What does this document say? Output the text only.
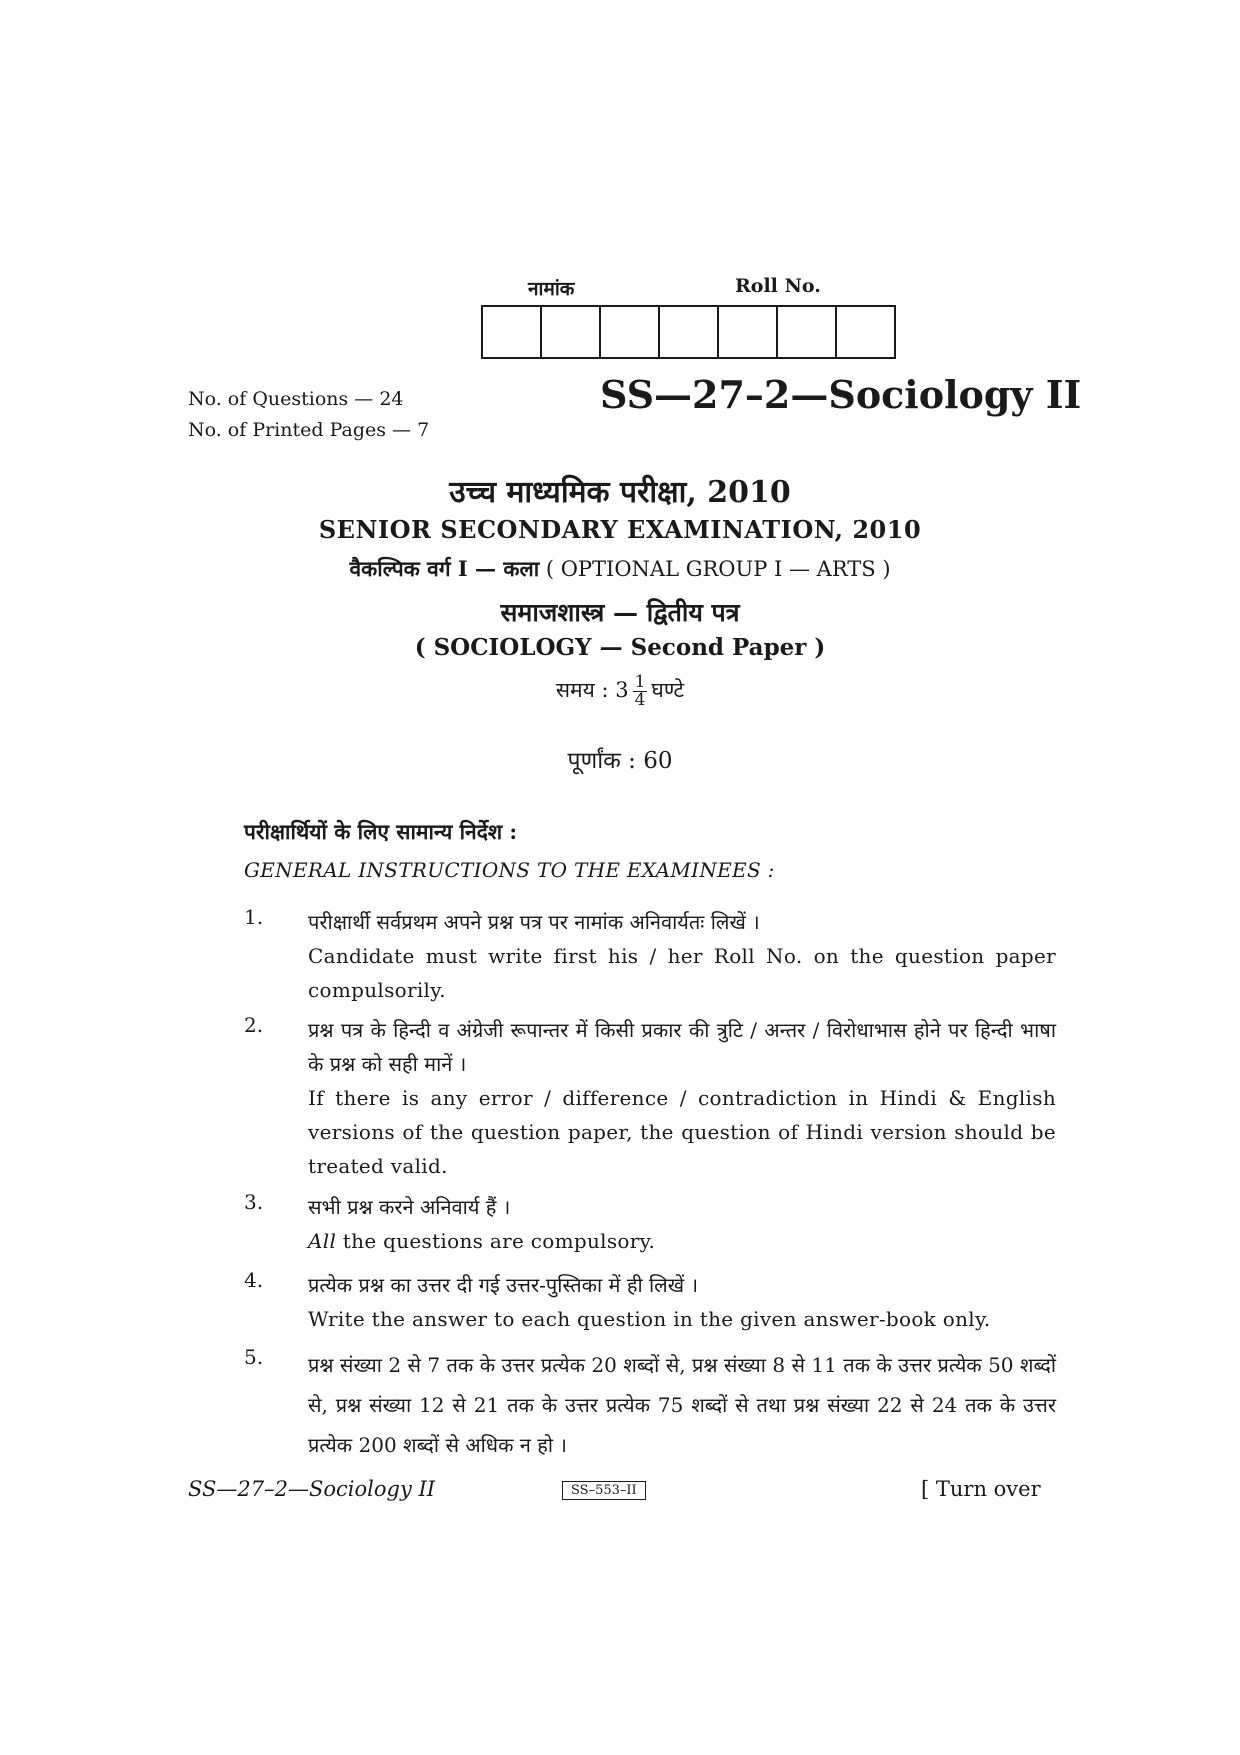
नामांक	Roll No.
No. of Questions — 24
No. of Printed Pages — 7
SS—27–2—Sociology II
उच्च माध्यमिक परीक्षा, 2010
SENIOR SECONDARY EXAMINATION, 2010
वैकल्पिक वर्ग I — कला ( OPTIONAL GROUP I — ARTS )
समाजशास्त्र — द्वितीय पत्र
( SOCIOLOGY — Second Paper )
समय : $3 \frac{1}{4}$ घण्टे
पूर्णांक : 60
परीक्षार्थियों के लिए सामान्य निर्देश :
GENERAL INSTRUCTIONS TO THE EXAMINEES :
1. परीक्षार्थी सर्वप्रथम अपने प्रश्न पत्र पर नामांक अनिवार्यतः लिखें ।

Candidate must write first his / her Roll No. on the question paper compulsorily.

2. प्रश्न पत्र के हिन्दी व अंग्रेजी रूपान्तर में किसी प्रकार की त्रुटि / अन्तर / विरोधाभास होने पर हिन्दी भाषा के प्रश्न को सही मानें ।

If there is any error / difference / contradiction in Hindi & English versions of the question paper, the question of Hindi version should be treated valid.

3. सभी प्रश्न करने अनिवार्य हैं ।

All the questions are compulsory.

4. प्रत्येक प्रश्न का उत्तर दी गई उत्तर-पुस्तिका में ही लिखें ।

Write the answer to each question in the given answer-book only.

5. प्रश्न संख्या 2 से 7 तक के उत्तर प्रत्येक 20 शब्दों से, प्रश्न संख्या 8 से 11 तक के उत्तर प्रत्येक 50 शब्दों से, प्रश्न संख्या 12 से 21 तक के उत्तर प्रत्येक 75 शब्दों से तथा प्रश्न संख्या 22 से 24 तक के उत्तर प्रत्येक 200 शब्दों से अधिक न हो ।

SS—27–2—Sociology II	SS–553–II	[ Turn over
